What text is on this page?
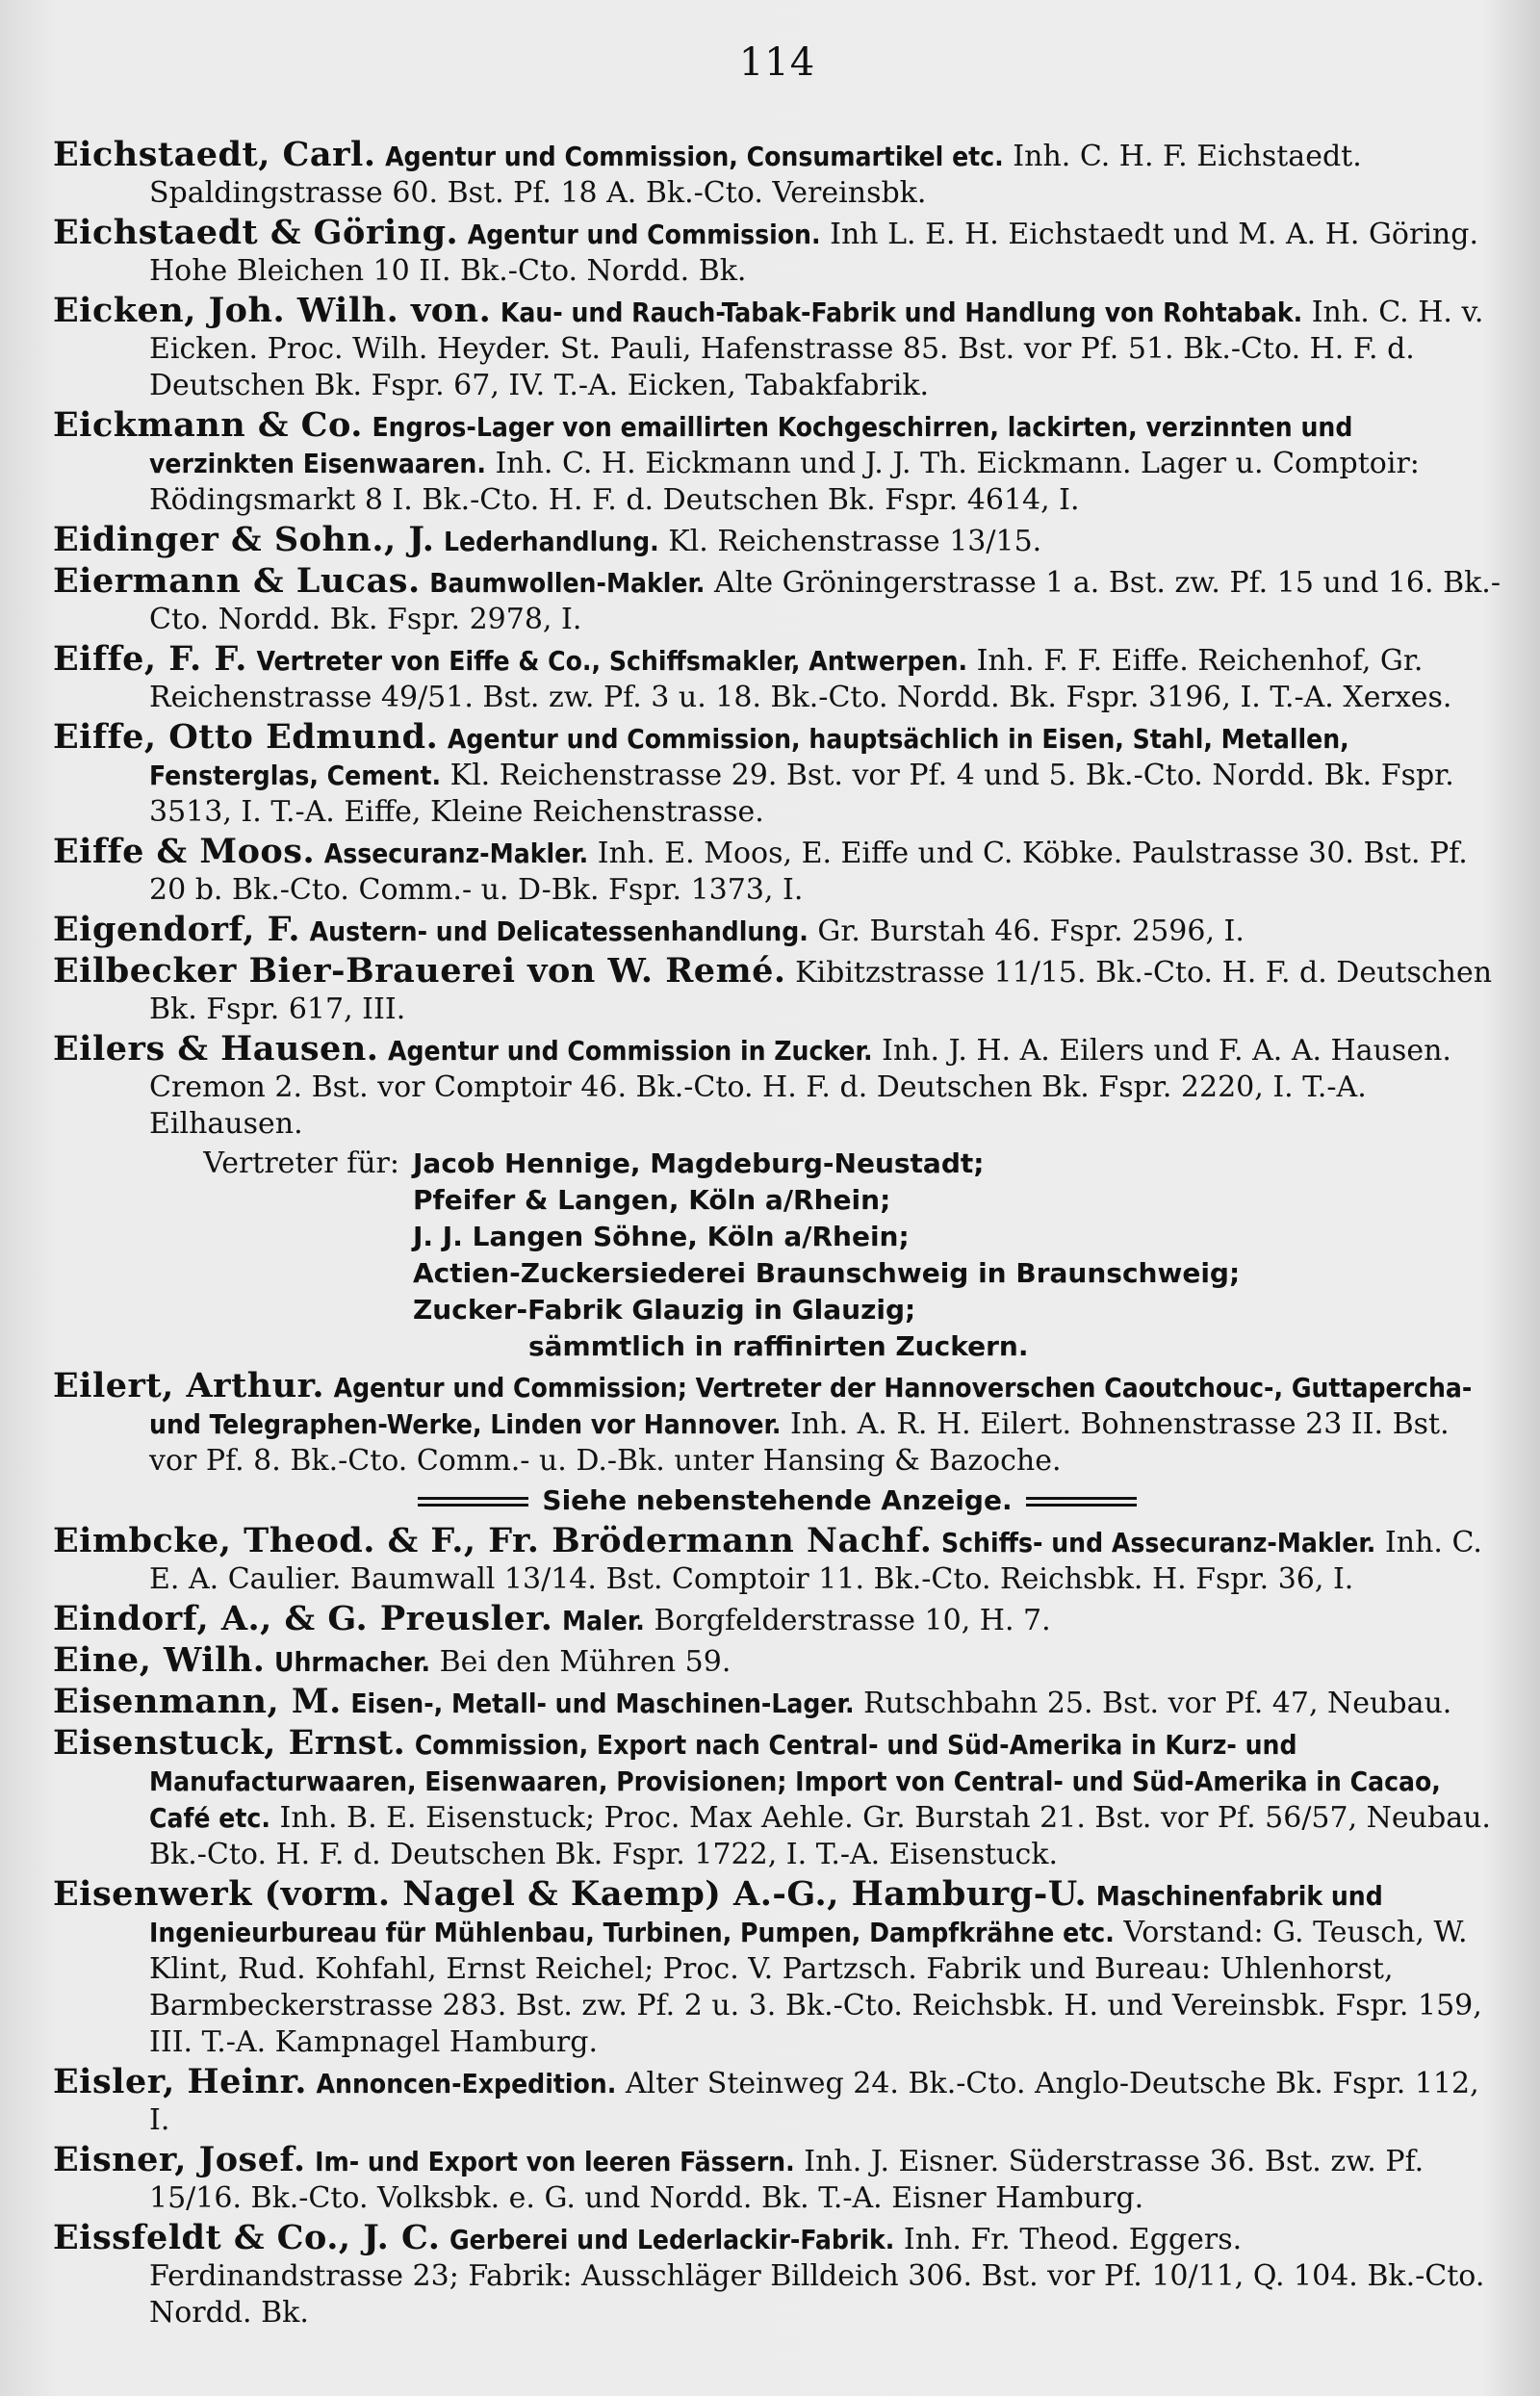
114
Eichstaedt, Carl. Agentur und Commission, Consumartikel etc. Inh. C. H. F. Eichstaedt. Spaldingstrasse 60. Bst. Pf. 18 A. Bk.-Cto. Vereinsbk.
Eichstaedt & Göring. Agentur und Commission. Inh L. E. H. Eichstaedt und M. A. H. Göring. Hohe Bleichen 10 II. Bk.-Cto. Nordd. Bk.
Eicken, Joh. Wilh. von. Kau- und Rauch-Tabak-Fabrik und Handlung von Rohtabak. Inh. C. H. v. Eicken. Proc. Wilh. Heyder. St. Pauli, Hafenstrasse 85. Bst. vor Pf. 51. Bk.-Cto. H. F. d. Deutschen Bk. Fspr. 67, IV. T.-A. Eicken, Tabakfabrik.
Eickmann & Co. Engros-Lager von emaillirten Kochgeschirren, lackirten, verzinnten und verzinkten Eisenwaaren. Inh. C. H. Eickmann und J. J. Th. Eickmann. Lager u. Comptoir: Rödingsmarkt 8 I. Bk.-Cto. H. F. d. Deutschen Bk. Fspr. 4614, I.
Eidinger & Sohn., J. Lederhandlung. Kl. Reichenstrasse 13/15.
Eiermann & Lucas. Baumwollen-Makler. Alte Gröningerstrasse 1 a. Bst. zw. Pf. 15 und 16. Bk.-Cto. Nordd. Bk. Fspr. 2978, I.
Eiffe, F. F. Vertreter von Eiffe & Co., Schiffsmakler, Antwerpen. Inh. F. F. Eiffe. Reichenhof, Gr. Reichenstrasse 49/51. Bst. zw. Pf. 3 u. 18. Bk.-Cto. Nordd. Bk. Fspr. 3196, I. T.-A. Xerxes.
Eiffe, Otto Edmund. Agentur und Commission, hauptsächlich in Eisen, Stahl, Metallen, Fensterglas, Cement. Kl. Reichenstrasse 29. Bst. vor Pf. 4 und 5. Bk.-Cto. Nordd. Bk. Fspr. 3513, I. T.-A. Eiffe, Kleine Reichenstrasse.
Eiffe & Moos. Assecuranz-Makler. Inh. E. Moos, E. Eiffe und C. Köbke. Paulstrasse 30. Bst. Pf. 20 b. Bk.-Cto. Comm.- u. D-Bk. Fspr. 1373, I.
Eigendorf, F. Austern- und Delicatessenhandlung. Gr. Burstah 46. Fspr. 2596, I.
Eilbecker Bier-Brauerei von W. Remé. Kibitzstrasse 11/15. Bk.-Cto. H. F. d. Deutschen Bk. Fspr. 617, III.
Eilers & Hausen. Agentur und Commission in Zucker. Inh. J. H. A. Eilers und F. A. A. Hausen. Cremon 2. Bst. vor Comptoir 46. Bk.-Cto. H. F. d. Deutschen Bk. Fspr. 2220, I. T.-A. Eilhausen.
Vertreter für: Jacob Hennige, Magdeburg-Neustadt;
Pfeifer & Langen, Köln a/Rhein;
J. J. Langen Söhne, Köln a/Rhein;
Actien-Zuckersiederei Braunschweig in Braunschweig;
Zucker-Fabrik Glauzig in Glauzig;
sämmtlich in raffinirten Zuckern.
Eilert, Arthur. Agentur und Commission; Vertreter der Hannoverschen Caoutchouc-, Guttapercha- und Telegraphen-Werke, Linden vor Hannover. Inh. A. R. H. Eilert. Bohnenstrasse 23 II. Bst. vor Pf. 8. Bk.-Cto. Comm.- u. D.-Bk. unter Hansing & Bazoche.
Siehe nebenstehende Anzeige.
Eimbcke, Theod. & F., Fr. Brödermann Nachf. Schiffs- und Assecuranz-Makler. Inh. C. E. A. Caulier. Baumwall 13/14. Bst. Comptoir 11. Bk.-Cto. Reichsbk. H. Fspr. 36, I.
Eindorf, A., & G. Preusler. Maler. Borgfelderstrasse 10, H. 7.
Eine, Wilh. Uhrmacher. Bei den Mühren 59.
Eisenmann, M. Eisen-, Metall- und Maschinen-Lager. Rutschbahn 25. Bst. vor Pf. 47, Neubau.
Eisenstuck, Ernst. Commission, Export nach Central- und Süd-Amerika in Kurz- und Manufacturwaaren, Eisenwaaren, Provisionen; Import von Central- und Süd-Amerika in Cacao, Café etc. Inh. B. E. Eisenstuck; Proc. Max Aehle. Gr. Burstah 21. Bst. vor Pf. 56/57, Neubau. Bk.-Cto. H. F. d. Deutschen Bk. Fspr. 1722, I. T.-A. Eisenstuck.
Eisenwerk (vorm. Nagel & Kaemp) A.-G., Hamburg-U. Maschinenfabrik und Ingenieurbureau für Mühlenbau, Turbinen, Pumpen, Dampfkrähne etc. Vorstand: G. Teusch, W. Klint, Rud. Kohfahl, Ernst Reichel; Proc. V. Partzsch. Fabrik und Bureau: Uhlenhorst, Barmbeckerstrasse 283. Bst. zw. Pf. 2 u. 3. Bk.-Cto. Reichsbk. H. und Vereinsbk. Fspr. 159, III. T.-A. Kampnagel Hamburg.
Eisler, Heinr. Annoncen-Expedition. Alter Steinweg 24. Bk.-Cto. Anglo-Deutsche Bk. Fspr. 112, I.
Eisner, Josef. Im- und Export von leeren Fässern. Inh. J. Eisner. Süderstrasse 36. Bst. zw. Pf. 15/16. Bk.-Cto. Volksbk. e. G. und Nordd. Bk. T.-A. Eisner Hamburg.
Eissfeldt & Co., J. C. Gerberei und Lederlackir-Fabrik. Inh. Fr. Theod. Eggers. Ferdinandstrasse 23; Fabrik: Ausschläger Billdeich 306. Bst. vor Pf. 10/11, Q. 104. Bk.-Cto. Nordd. Bk.
